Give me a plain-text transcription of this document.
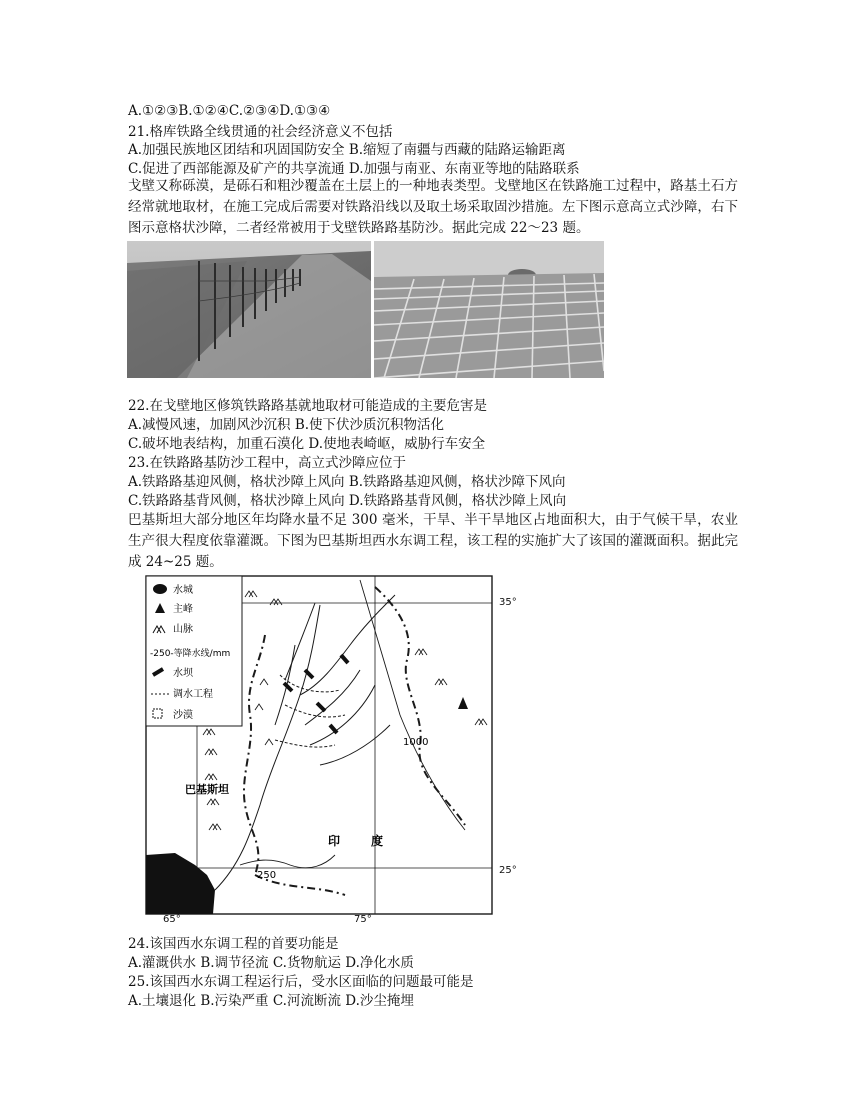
A.①②③B.①②④C.②③④D.①③④
21.格库铁路全线贯通的社会经济意义不包括
A.加强民族地区团结和巩固国防安全 B.缩短了南疆与西藏的陆路运输距离
C.促进了西部能源及矿产的共享流通 D.加强与南亚、东南亚等地的陆路联系
戈壁又称砾漠，是砾石和粗沙覆盖在土层上的一种地表类型。戈壁地区在铁路施工过程中，路基土石方经常就地取材，在施工完成后需要对铁路沿线以及取土场采取固沙措施。左下图示意高立式沙障，右下图示意格状沙障，二者经常被用于戈壁铁路路基防沙。据此完成 22～23 题。
22.在戈壁地区修筑铁路路基就地取材可能造成的主要危害是
A.减慢风速，加剧风沙沉积 B.使下伏沙质沉积物活化
C.破坏地表结构，加重石漠化 D.使地表崎岖，威胁行车安全
23.在铁路路基防沙工程中，高立式沙障应位于
A.铁路路基迎风侧，格状沙障上风向 B.铁路路基迎风侧，格状沙障下风向
C.铁路路基背风侧，格状沙障上风向 D.铁路路基背风侧，格状沙障上风向
巴基斯坦大部分地区年均降水量不足 300 毫米，干旱、半干旱地区占地面积大，由于气候干旱，农业生产很大程度依靠灌溉。下图为巴基斯坦西水东调工程，该工程的实施扩大了该国的灌溉面积。据此完成 24~25 题。
水城
主峰
山脉
-250-等降水线/mm
水坝
调水工程
沙漠
巴基斯坦
印	度
1000
250
35°
25°
65°	75°
24.该国西水东调工程的首要功能是
A.灌溉供水 B.调节径流 C.货物航运 D.净化水质
25.该国西水东调工程运行后，受水区面临的问题最可能是
A.土壤退化 B.污染严重 C.河流断流 D.沙尘掩埋
